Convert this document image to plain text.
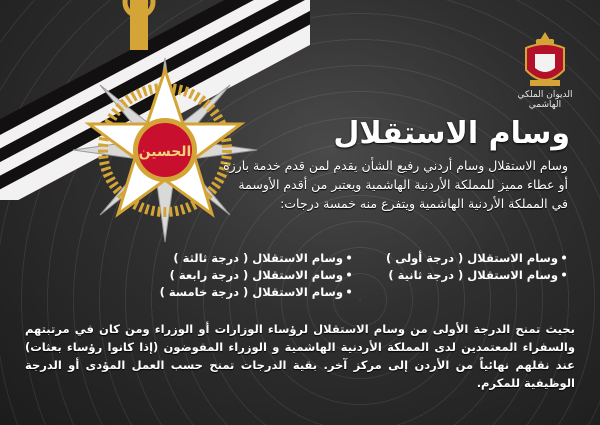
الحسين
الديوان الملكي الهاشمي
وسام الاستقلال
وسام الاستقلال وسام أردني رفيع الشأن يقدم لمن قدم خدمة بارزة
أو عطاء مميز للمملكة الأردنية الهاشمية ويعتبر من أقدم الأوسمة
في المملكة الأردنية الهاشمية ويتفرع منه خمسة درجات:
•وسام الاستقلال ( درجة أولى )
•وسام الاستقلال ( درجة ثانية )
•وسام الاستقلال ( درجة ثالثة )
•وسام الاستقلال ( درجة رابعة )
•وسام الاستقلال ( درجة خامسة )

بحيث تمنح الدرجة الأولى من وسام الاستقلال لرؤساء الوزارات أو الوزراء ومن كان في مرتبتهم والسفراء المعتمدين لدى المملكة الأردنية الهاشمية و الوزراء المفوضون (إذا كانوا رؤساء بعثات) عند نقلهم نهائياً من الأردن إلى مركز آخر. بقية الدرجات تمنح حسب العمل المؤدى أو الدرجة الوظيفية للمكرم.
